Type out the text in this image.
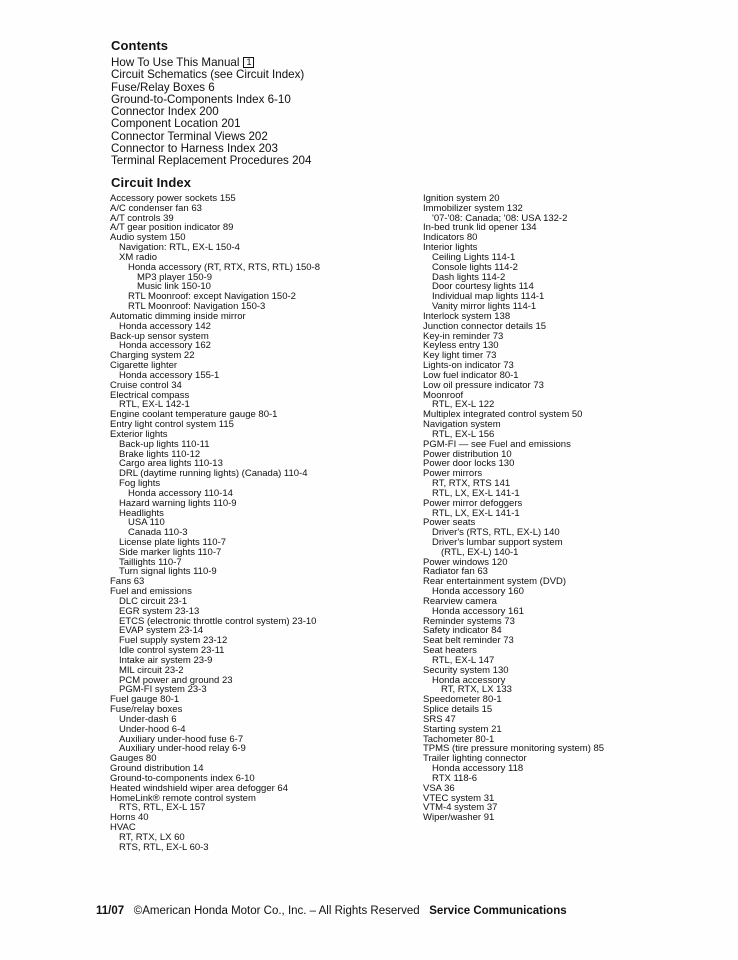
Contents
How To Use This Manual 1
Circuit Schematics (see Circuit Index)
Fuse/Relay Boxes 6
Ground-to-Components Index 6-10
Connector Index 200
Component Location 201
Connector Terminal Views 202
Connector to Harness Index 203
Terminal Replacement Procedures 204
Circuit Index
Accessory power sockets 155
A/C condenser fan 63
A/T controls 39
A/T gear position indicator 89
Audio system 150
Navigation: RTL, EX-L 150-4
XM radio
Honda accessory (RT, RTX, RTS, RTL) 150-8
MP3 player 150-9
Music link 150-10
RTL Moonroof: except Navigation 150-2
RTL Moonroof: Navigation 150-3
Automatic dimming inside mirror
Honda accessory 142
Back-up sensor system
Honda accessory 162
Charging system 22
Cigarette lighter
Honda accessory 155-1
Cruise control 34
Electrical compass
RTL, EX-L 142-1
Engine coolant temperature gauge 80-1
Entry light control system 115
Exterior lights
Back-up lights 110-11
Brake lights 110-12
Cargo area lights 110-13
DRL (daytime running lights) (Canada) 110-4
Fog lights
Honda accessory 110-14
Hazard warning lights 110-9
Headlights
USA 110
Canada 110-3
License plate lights 110-7
Side marker lights 110-7
Taillights 110-7
Turn signal lights 110-9
Fans 63
Fuel and emissions
DLC circuit 23-1
EGR system 23-13
ETCS (electronic throttle control system) 23-10
EVAP system 23-14
Fuel supply system 23-12
Idle control system 23-11
Intake air system 23-9
MIL circuit 23-2
PCM power and ground 23
PGM-FI system 23-3
Fuel gauge 80-1
Fuse/relay boxes
Under-dash 6
Under-hood 6-4
Auxiliary under-hood fuse 6-7
Auxiliary under-hood relay 6-9
Gauges 80
Ground distribution 14
Ground-to-components index 6-10
Heated windshield wiper area defogger 64
HomeLink® remote control system
RTS, RTL, EX-L 157
Horns 40
HVAC
RT, RTX, LX 60
RTS, RTL, EX-L 60-3
Ignition system 20
Immobilizer system 132
'07-'08: Canada; '08: USA 132-2
In-bed trunk lid opener 134
Indicators 80
Interior lights
Ceiling Lights 114-1
Console lights 114-2
Dash lights 114-2
Door courtesy lights 114
Individual map lights 114-1
Vanity mirror lights 114-1
Interlock system 138
Junction connector details 15
Key-in reminder 73
Keyless entry 130
Key light timer 73
Lights-on indicator 73
Low fuel indicator 80-1
Low oil pressure indicator 73
Moonroof
RTL, EX-L 122
Multiplex integrated control system 50
Navigation system
RTL, EX-L 156
PGM-FI — see Fuel and emissions
Power distribution 10
Power door locks 130
Power mirrors
RT, RTX, RTS 141
RTL, LX, EX-L 141-1
Power mirror defoggers
RTL, LX, EX-L 141-1
Power seats
Driver's (RTS, RTL, EX-L) 140
Driver's lumbar support system
(RTL, EX-L) 140-1
Power windows 120
Radiator fan 63
Rear entertainment system (DVD)
Honda accessory 160
Rearview camera
Honda accessory 161
Reminder systems 73
Safety indicator 84
Seat belt reminder 73
Seat heaters
RTL, EX-L 147
Security system 130
Honda accessory
RT, RTX, LX 133
Speedometer 80-1
Splice details 15
SRS 47
Starting system 21
Tachometer 80-1
TPMS (tire pressure monitoring system) 85
Trailer lighting connector
Honda accessory 118
RTX 118-6
VSA 36
VTEC system 31
VTM-4 system 37
Wiper/washer 91
11/07 ©American Honda Motor Co., Inc. – All Rights Reserved Service Communications
